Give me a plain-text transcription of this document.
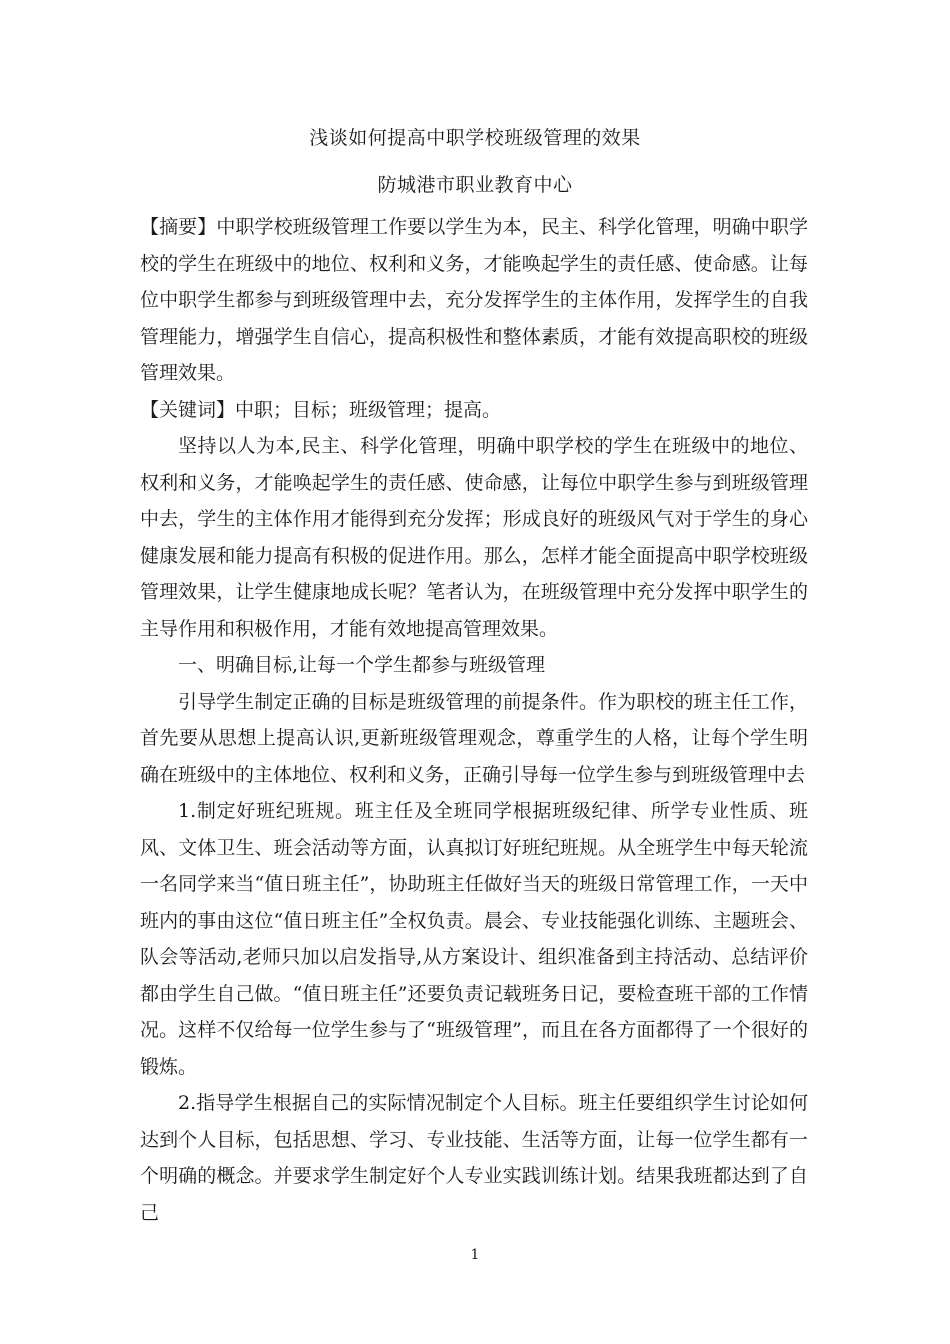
浅谈如何提高中职学校班级管理的效果
防城港市职业教育中心

【摘要】中职学校班级管理工作要以学生为本，民主、科学化管理，明确中职学校的学生在班级中的地位、权利和义务，才能唤起学生的责任感、使命感。让每位中职学生都参与到班级管理中去，充分发挥学生的主体作用，发挥学生的自我管理能力，增强学生自信心，提高积极性和整体素质，才能有效提高职校的班级管理效果。

【关键词】中职；目标；班级管理；提高。

坚持以人为本,民主、科学化管理，明确中职学校的学生在班级中的地位、权利和义务，才能唤起学生的责任感、使命感，让每位中职学生参与到班级管理中去，学生的主体作用才能得到充分发挥；形成良好的班级风气对于学生的身心健康发展和能力提高有积极的促进作用。那么，怎样才能全面提高中职学校班级管理效果，让学生健康地成长呢？笔者认为，在班级管理中充分发挥中职学生的主导作用和积极作用，才能有效地提高管理效果。

一、明确目标,让每一个学生都参与班级管理

引导学生制定正确的目标是班级管理的前提条件。作为职校的班主任工作，首先要从思想上提高认识,更新班级管理观念，尊重学生的人格，让每个学生明确在班级中的主体地位、权利和义务，正确引导每一位学生参与到班级管理中去

1.制定好班纪班规。班主任及全班同学根据班级纪律、所学专业性质、班风、文体卫生、班会活动等方面，认真拟订好班纪班规。从全班学生中每天轮流一名同学来当“值日班主任”，协助班主任做好当天的班级日常管理工作，一天中班内的事由这位“值日班主任”全权负责。晨会、专业技能强化训练、主题班会、队会等活动,老师只加以启发指导,从方案设计、组织准备到主持活动、总结评价都由学生自己做。“值日班主任”还要负责记载班务日记，要检查班干部的工作情况。这样不仅给每一位学生参与了“班级管理”，而且在各方面都得了一个很好的锻炼。

2.指导学生根据自己的实际情况制定个人目标。班主任要组织学生讨论如何达到个人目标，包括思想、学习、专业技能、生活等方面，让每一位学生都有一个明确的概念。并要求学生制定好个人专业实践训练计划。结果我班都达到了自己

1
